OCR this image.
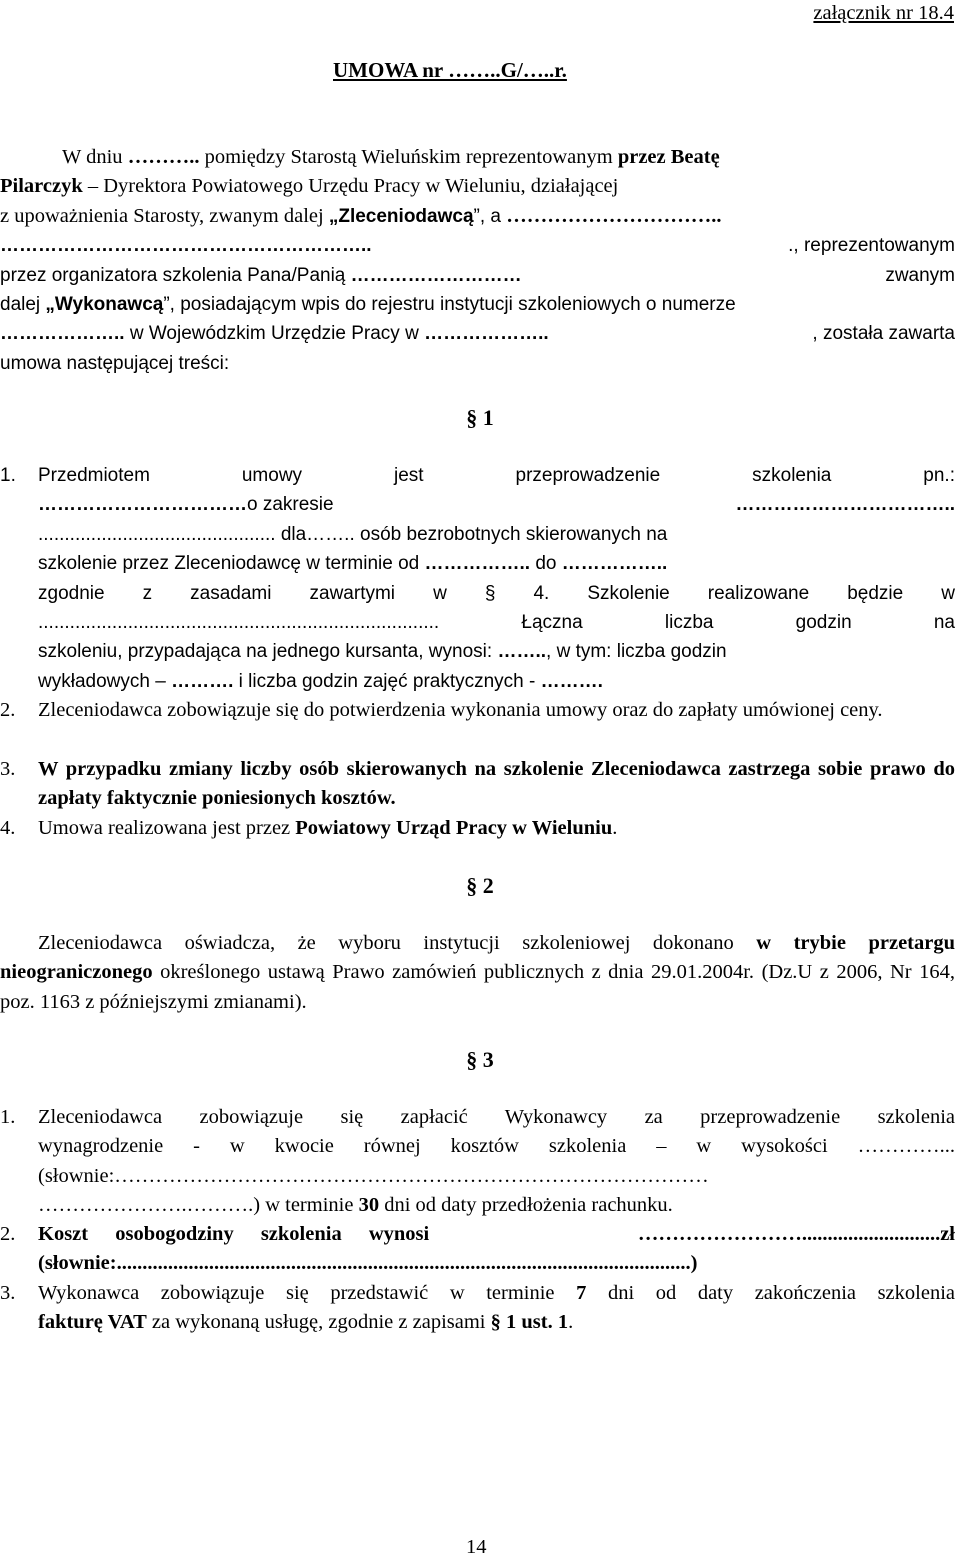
załącznik nr 18.4
UMOWA nr ……..G/…..r.
W dniu ……….. pomiędzy Starostą Wieluńskim reprezentowanym przez Beatę
Pilarczyk – Dyrektora Powiatowego Urzędu Pracy w Wieluniu, działającej
z upoważnienia Starosty, zwanym dalej „Zleceniodawcą”, a …………………………..
…………………………………………………..	., reprezentowanym
przez organizatora szkolenia Pana/Panią ………………………	zwanym
dalej „Wykonawcą”, posiadającym wpis do rejestru instytucji szkoleniowych o numerze
……………….. w Wojewódzkim Urzędzie Pracy w ………………..	, została zawarta
umowa następującej treści:
§ 1
1. Przedmiotem umowy jest przeprowadzenie szkolenia pn.:
…………………………… o zakresie	……………………………..
............................................. dla…….. osób bezrobotnych skierowanych na
szkolenie przez Zleceniodawcę w terminie od …………….. do ……………..
zgodnie z zasadami zawartymi w § 4. Szkolenie realizowane będzie w
............................................................................ Łączna liczba godzin na
szkoleniu, przypadająca na jednego kursanta, wynosi: …….., w tym: liczba godzin
wykładowych – ………. i liczba godzin zajęć praktycznych - ……….
2. Zleceniodawca zobowiązuje się do potwierdzenia wykonania umowy oraz do zapłaty umówionej ceny.
3. W przypadku zmiany liczby osób skierowanych na szkolenie Zleceniodawca zastrzega sobie prawo do zapłaty faktycznie poniesionych kosztów.
4. Umowa realizowana jest przez Powiatowy Urząd Pracy w Wieluniu.
§ 2
Zleceniodawca oświadcza, że wyboru instytucji szkoleniowej dokonano w trybie przetargu nieograniczonego określonego ustawą Prawo zamówień publicznych z dnia 29.01.2004r. (Dz.U z 2006, Nr 164, poz. 1163 z późniejszymi zmianami).
§ 3
1. Zleceniodawca zobowiązuje się zapłacić Wykonawcy za przeprowadzenie szkolenia
wynagrodzenie - w kwocie równej kosztów szkolenia – w wysokości …………...
(słownie:……………………………………………………………………………
………………….……….) w terminie 30 dni od daty przedłożenia rachunku.
2. Koszt osobogodziny szkolenia wynosi	……………………...........................zł
(słownie:................................................................................................................)
3. Wykonawca zobowiązuje się przedstawić w terminie 7 dni od daty zakończenia szkolenia
fakturę VAT za wykonaną usługę, zgodnie z zapisami § 1 ust. 1.
14
